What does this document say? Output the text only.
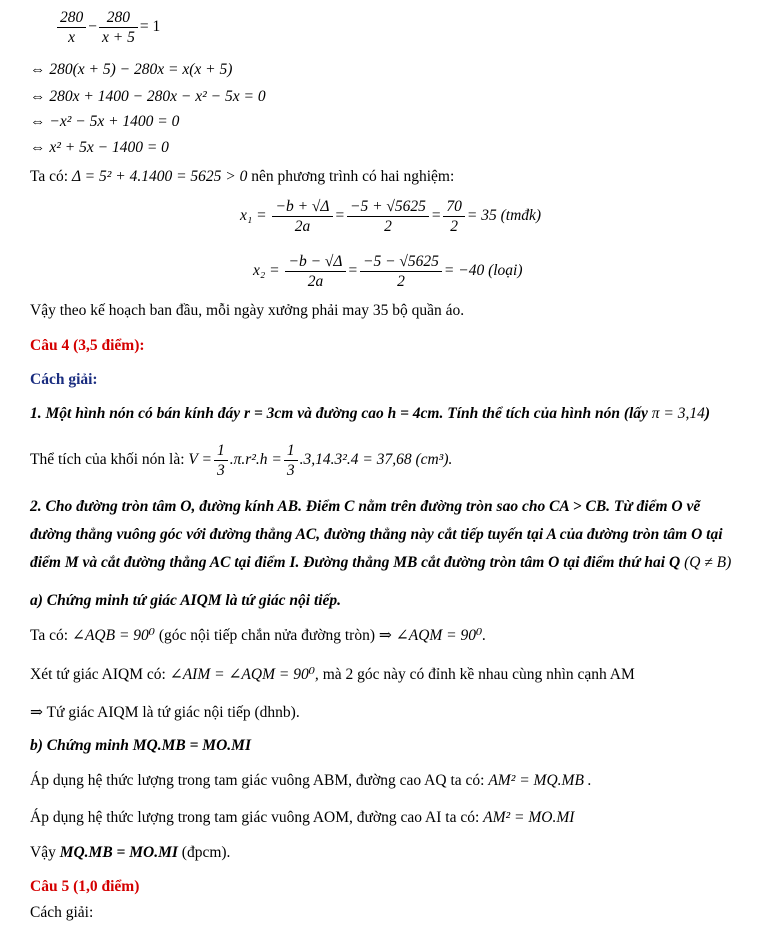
$\frac{280}{x} - \frac{280}{x + 5} = 1$
⇔ 280(x + 5) − 280x = x(x + 5)
⇔ 280x + 1400 − 280x − x² − 5x = 0
⇔ −x² − 5x + 1400 = 0
⇔ x² + 5x − 1400 = 0
Ta có: Δ = 5² + 4.1400 = 5625 > 0 nên phương trình có hai nghiệm:
$x_1 = \frac{-b + √\Delta}{2a} = \frac{-5 + √5625}{2} = \frac{70}{2} = 35$ (tmđk)
$x_2 = \frac{-b - √\Delta}{2a} = \frac{-5 - √5625}{2} = -40$ (loại)
Vậy theo kế hoạch ban đầu, mỗi ngày xưởng phải may 35 bộ quần áo.
Câu 4 (3,5 điểm):
Cách giải:
1. Một hình nón có bán kính đáy r = 3cm và đường cao h = 4cm. Tính thể tích của hình nón (lấy π = 3,14)
Thể tích của khối nón là: $V = \frac{1}{3} .\pi.r^2.h = \frac{1}{3} .3,14.3^2.4 = 37,68$ (cm³).
2. Cho đường tròn tâm O, đường kính AB. Điểm C nằm trên đường tròn sao cho CA > CB. Từ điểm O vẽ
đường thẳng vuông góc với đường thẳng AC, đường thẳng này cắt tiếp tuyến tại A của đường tròn tâm O tại
điểm M và cắt đường thẳng AC tại điểm I. Đường thẳng MB cắt đường tròn tâm O tại điểm thứ hai Q (Q ≠ B)
a) Chứng minh tứ giác AIQM là tứ giác nội tiếp.
Ta có: ∠AQB = 90⁰ (góc nội tiếp chắn nửa đường tròn) ⇒ ∠AQM = 90⁰.
Xét tứ giác AIQM có: ∠AIM = ∠AQM = 90⁰, mà 2 góc này có đỉnh kề nhau cùng nhìn cạnh AM
⇒ Tứ giác AIQM là tứ giác nội tiếp (dhnb).
b) Chứng minh MQ.MB = MO.MI
Áp dụng hệ thức lượng trong tam giác vuông ABM, đường cao AQ ta có: AM² = MQ.MB .
Áp dụng hệ thức lượng trong tam giác vuông AOM, đường cao AI ta có: AM² = MO.MI
Vậy MQ.MB = MO.MI (đpcm).
Câu 5 (1,0 điểm)
Cách giải:
